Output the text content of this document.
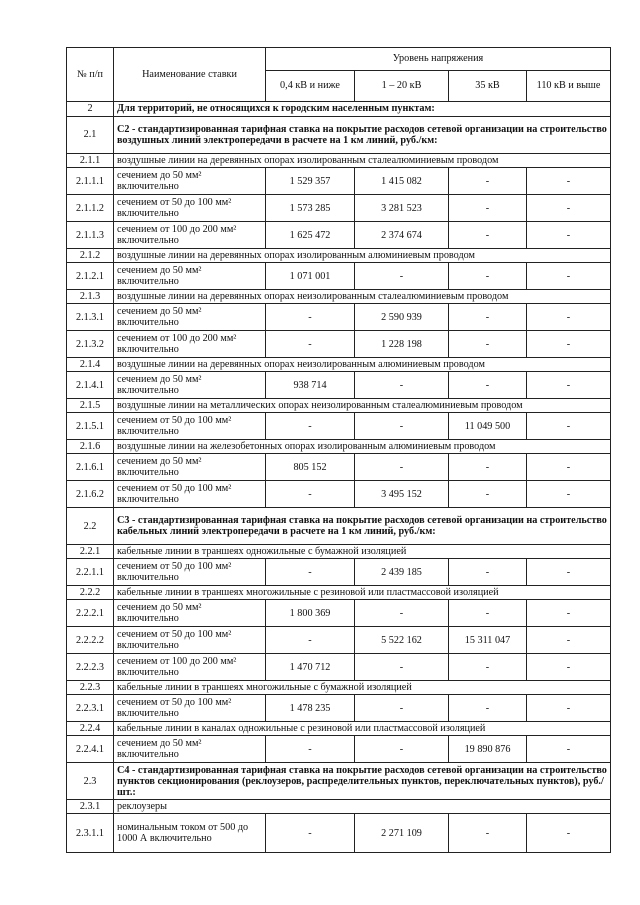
№ п/п	Наименование ставки	Уровень напряжения			
		0,4 кВ и ниже	1 – 20 кВ	35 кВ	110 кВ и выше
2	Для территорий, не относящихся к городским населенным пунктам:				
2.1	С2 - стандартизированная тарифная ставка на покрытие расходов сетевой организации на строительство воздушных линий электропередачи в расчете на 1 км линий, руб./км:				
2.1.1	воздушные линии на деревянных опорах изолированным сталеалюминиевым проводом				
2.1.1.1	сечением до 50 мм² включительно	1 529 357	1 415 082	-	-
2.1.1.2	сечением от 50 до 100 мм² включительно	1 573 285	3 281 523	-	-
2.1.1.3	сечением от 100 до 200 мм² включительно	1 625 472	2 374 674	-	-
2.1.2	воздушные линии на деревянных опорах изолированным алюминиевым проводом				
2.1.2.1	сечением до 50 мм² включительно	1 071 001	-	-	-
2.1.3	воздушные линии на деревянных опорах неизолированным сталеалюминиевым проводом				
2.1.3.1	сечением до 50 мм² включительно	-	2 590 939	-	-
2.1.3.2	сечением от 100 до 200 мм² включительно	-	1 228 198	-	-
2.1.4	воздушные линии на деревянных опорах неизолированным алюминиевым проводом				
2.1.4.1	сечением до 50 мм² включительно	938 714	-	-	-
2.1.5	воздушные линии на металлических опорах неизолированным сталеалюминиевым проводом				
2.1.5.1	сечением от 50 до 100 мм² включительно	-	-	11 049 500	-
2.1.6	воздушные линии на железобетонных опорах изолированным алюминиевым проводом				
2.1.6.1	сечением до 50 мм² включительно	805 152	-	-	-
2.1.6.2	сечением от 50 до 100 мм² включительно	-	3 495 152	-	-
2.2	С3 - стандартизированная тарифная ставка на покрытие расходов сетевой организации на строительство кабельных линий электропередачи в расчете на 1 км линий, руб./км:				
2.2.1	кабельные линии в траншеях одножильные с бумажной изоляцией				
2.2.1.1	сечением от 50 до 100 мм² включительно	-	2 439 185	-	-
2.2.2	кабельные линии в траншеях многожильные с резиновой или пластмассовой изоляцией				
2.2.2.1	сечением до 50 мм² включительно	1 800 369	-	-	-
2.2.2.2	сечением от 50 до 100 мм² включительно	-	5 522 162	15 311 047	-
2.2.2.3	сечением от 100 до 200 мм² включительно	1 470 712	-	-	-
2.2.3	кабельные линии в траншеях многожильные с бумажной изоляцией				
2.2.3.1	сечением от 50 до 100 мм² включительно	1 478 235	-	-	-
2.2.4	кабельные линии в каналах одножильные с резиновой или пластмассовой изоляцией				
2.2.4.1	сечением до 50 мм² включительно	-	-	19 890 876	-
2.3	С4 - стандартизированная тарифная ставка на покрытие расходов сетевой организации на строительство пунктов секционирования (реклоузеров, распределительных пунктов, переключательных пунктов), руб./шт.:				
2.3.1	реклоузеры				
2.3.1.1	номинальным током от 500 до 1000 А включительно	-	2 271 109	-	-
